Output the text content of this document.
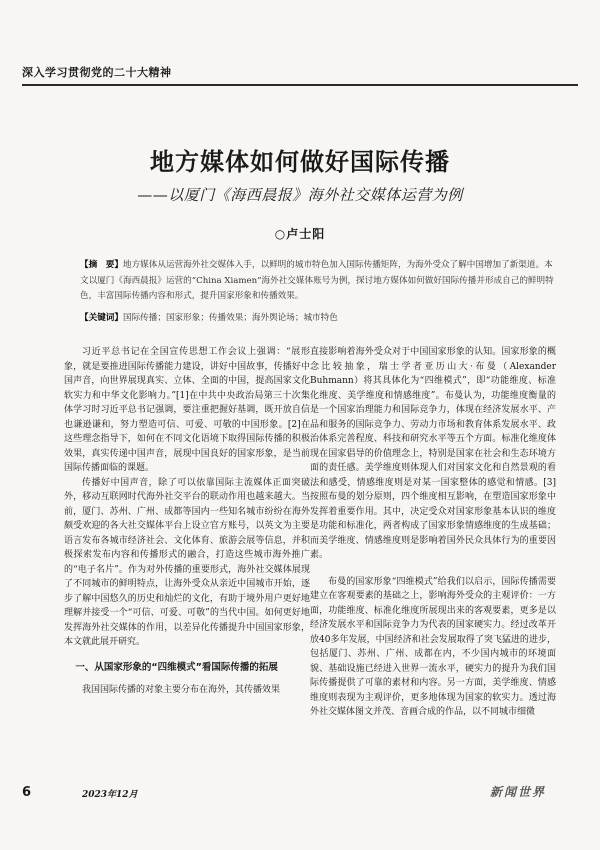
深入学习贯彻党的二十大精神
地方媒体如何做好国际传播
——以厦门《海西晨报》海外社交媒体运营为例
○卢士阳

【摘　要】地方媒体从运营海外社交媒体入手，以鲜明的城市特色加入国际传播矩阵，为海外受众了解中国增加了新渠道。本文以厦门《海西晨报》运营的“China Xiamen”海外社交媒体账号为例，探讨地方媒体如何做好国际传播并形成自己的鲜明特色，丰富国际传播内容和形式，提升国家形象和传播效果。

【关键词】国际传播；国家形象；传播效果；海外舆论场；城市特色

习近平总书记在全国宣传思想工作会议上强调：“展形象，就是要推进国际传播能力建设，讲好中国故事，传播好中国声音，向世界展现真实、立体、全面的中国，提高国家文化软实力和中华文化影响力。”[1]在中共中央政治局第三十次集体学习时习近平总书记强调，要注重把握好基调，既开放自信也谦逊谦和，努力塑造可信、可爱、可敬的中国形象。[2]在这些理念指导下，如何在不同文化语境下取得国际传播的积极效果，真实传递中国声音，展现中国良好的国家形象，是当前国际传播面临的课题。

传播好中国声音，除了可以依靠国际主流媒体正面突破外，移动互联网时代海外社交平台的联动作用也越来越大。当前，厦门、苏州、广州、成都等国内一些知名城市纷纷在海外颇受欢迎的各大社交媒体平台上设立官方账号，以英文为主要语言发布各城市经济社会、文化体育、旅游会展等信息，并积极探索发布内容和传播形式的融合，打造这些城市海外推广的“电子名片”。作为对外传播的重要形式，海外社交媒体展现了不同城市的鲜明特点，让海外受众从亲近中国城市开始，逐步了解中国悠久的历史和灿烂的文化，有助于境外用户更好地理解并接受一个“可信、可爱、可敬”的当代中国。如何更好地发挥海外社交媒体的作用，以差异化传播提升中国国家形象，本文就此展开研究。

一、从国家形象的“四维模式”看国际传播的拓展

我国国际传播的对象主要分布在海外，其传播效果

直接影响着海外受众对于中国国家形象的认知。国家形象的概念比较抽象，瑞士学者亚历山大·布曼（Alexander Buhmann）将其具体化为“四维模式”，即“功能维度、标准化维度、美学维度和情感维度”。布曼认为，功能维度衡量的是一个国家治理能力和国际竞争力，体现在经济发展水平、产品和服务的国际竞争力、劳动力市场和教育体系发展水平、政治体系完善程度、科技和研究水平等五个方面。标准化维度体现在国家倡导的价值理念上，特别是国家在社会和生态环境方面的责任感。美学维度则体现人们对国家文化和自然景观的看法和感受，情感维度则是对某一国家整体的感觉和情感。[3]按照布曼的划分原则，四个维度相互影响，在塑造国家形象中发挥着重要作用。其中，决定受众对国家形象基本认识的维度是功能和标准化，两者构成了国家形象情感维度的生成基础；而美学维度、情感维度则是影响着国外民众具体行为的重要因素。

布曼的国家形象“四维模式”给我们以启示，国际传播需要建立在客观要素的基础之上，影响海外受众的主观评价：一方面，功能维度、标准化维度所展现出来的客观要素，更多是以经济发展水平和国际竞争力为代表的国家硬实力。经过改革开放40多年发展，中国经济和社会发展取得了突飞猛进的进步，包括厦门、苏州、广州、成都在内，不少国内城市的环境面貌、基础设施已经进入世界一流水平，硬实力的提升为我们国际传播提供了可靠的素材和内容。另一方面，美学维度、情感维度则表现为主观评价，更多地体现为国家的软实力。透过海外社交媒体图文并茂、音画合成的作品，以不同城市细微

6	2023年12月	新闻世界
